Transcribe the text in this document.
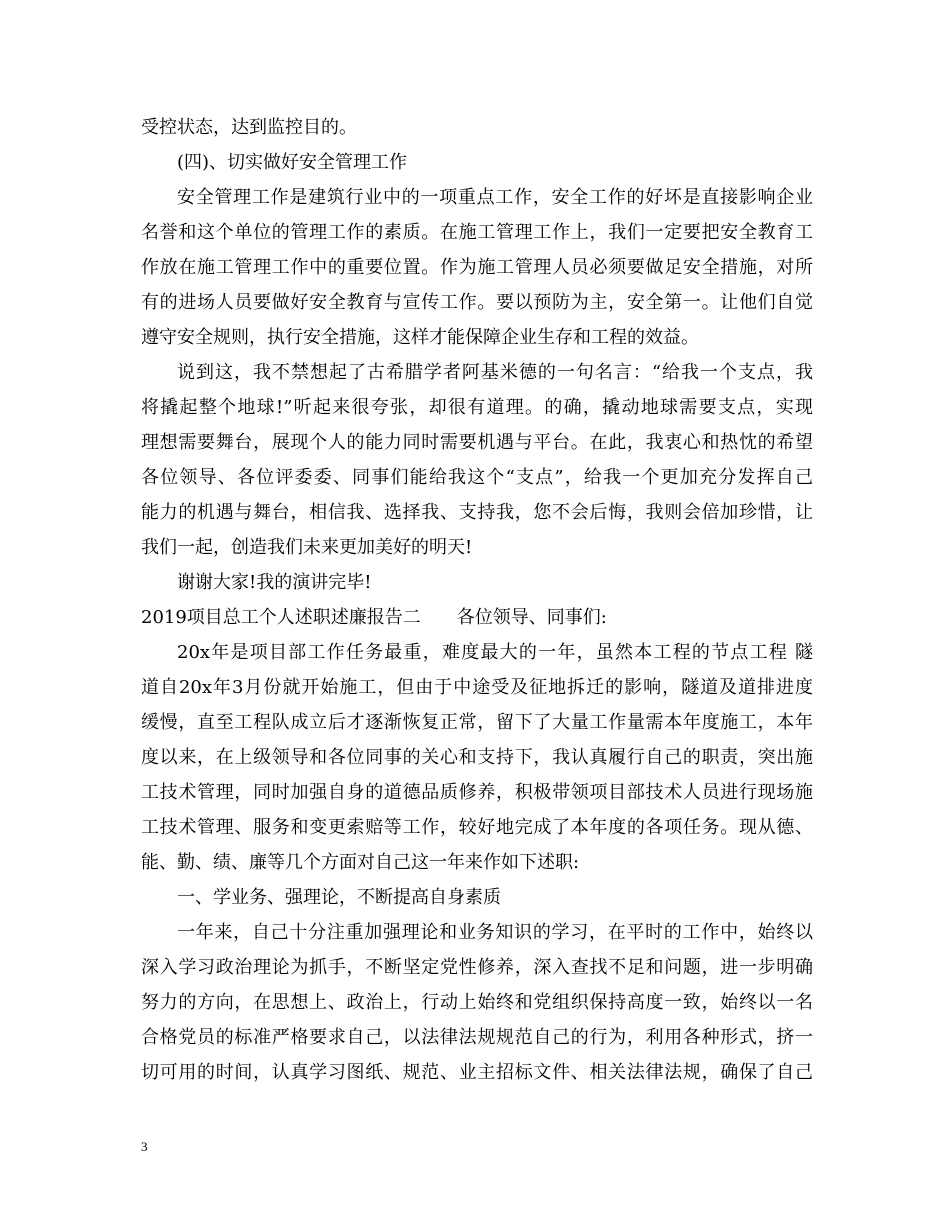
受控状态，达到监控目的。
(四)、切实做好安全管理工作
安全管理工作是建筑行业中的一项重点工作，安全工作的好坏是直接影响企业
名誉和这个单位的管理工作的素质。在施工管理工作上，我们一定要把安全教育工
作放在施工管理工作中的重要位置。作为施工管理人员必须要做足安全措施，对所
有的进场人员要做好安全教育与宣传工作。要以预防为主，安全第一。让他们自觉
遵守安全规则，执行安全措施，这样才能保障企业生存和工程的效益。
说到这，我不禁想起了古希腊学者阿基米德的一句名言：“给我一个支点，我
将撬起整个地球!”听起来很夸张，却很有道理。的确，撬动地球需要支点，实现
理想需要舞台，展现个人的能力同时需要机遇与平台。在此，我衷心和热忱的希望
各位领导、各位评委委、同事们能给我这个“支点”，给我一个更加充分发挥自己
能力的机遇与舞台，相信我、选择我、支持我，您不会后悔，我则会倍加珍惜，让
我们一起，创造我们未来更加美好的明天!
谢谢大家!我的演讲完毕!
2019项目总工个人述职述廉报告二　　各位领导、同事们:
20x年是项目部工作任务最重，难度最大的一年，虽然本工程的节点工程 隧
道自20x年3月份就开始施工，但由于中途受及征地拆迁的影响，隧道及道排进度
缓慢，直至工程队成立后才逐渐恢复正常，留下了大量工作量需本年度施工，本年
度以来，在上级领导和各位同事的关心和支持下，我认真履行自己的职责，突出施
工技术管理，同时加强自身的道德品质修养，积极带领项目部技术人员进行现场施
工技术管理、服务和变更索赔等工作，较好地完成了本年度的各项任务。现从德、
能、勤、绩、廉等几个方面对自己这一年来作如下述职:
一、学业务、强理论，不断提高自身素质
一年来，自己十分注重加强理论和业务知识的学习，在平时的工作中，始终以
深入学习政治理论为抓手，不断坚定党性修养，深入查找不足和问题，进一步明确
努力的方向，在思想上、政治上，行动上始终和党组织保持高度一致，始终以一名
合格党员的标准严格要求自己，以法律法规规范自己的行为，利用各种形式，挤一
切可用的时间，认真学习图纸、规范、业主招标文件、相关法律法规，确保了自己
3
